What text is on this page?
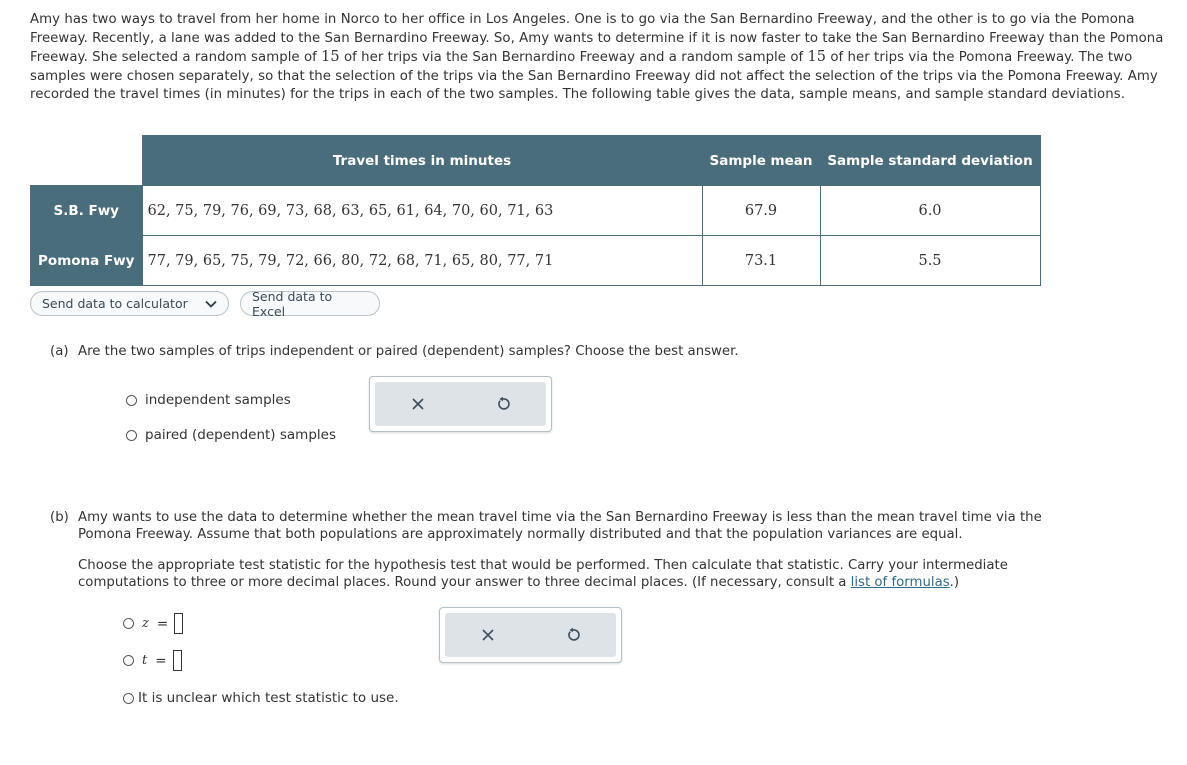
Amy has two ways to travel from her home in Norco to her office in Los Angeles. One is to go via the San Bernardino Freeway, and the other is to go via the Pomona Freeway. Recently, a lane was added to the San Bernardino Freeway. So, Amy wants to determine if it is now faster to take the San Bernardino Freeway than the Pomona Freeway. She selected a random sample of 15 of her trips via the San Bernardino Freeway and a random sample of 15 of her trips via the Pomona Freeway. The two samples were chosen separately, so that the selection of the trips via the San Bernardino Freeway did not affect the selection of the trips via the Pomona Freeway. Amy recorded the travel times (in minutes) for the trips in each of the two samples. The following table gives the data, sample means, and sample standard deviations.
	Travel times in minutes	Sample mean	Sample standard deviation
S.B. Fwy	62, 75, 79, 76, 69, 73, 68, 63, 65, 61, 64, 70, 60, 71, 63	67.9	6.0
Pomona Fwy	77, 79, 65, 75, 79, 72, 66, 80, 72, 68, 71, 65, 80, 77, 71	73.1	5.5
Send data to calculator	Send data to Excel
(a) Are the two samples of trips independent or paired (dependent) samples? Choose the best answer.
independent samples
paired (dependent) samples
(b) Amy wants to use the data to determine whether the mean travel time via the San Bernardino Freeway is less than the mean travel time via the
Pomona Freeway. Assume that both populations are approximately normally distributed and that the population variances are equal.
Choose the appropriate test statistic for the hypothesis test that would be performed. Then calculate that statistic. Carry your intermediate
computations to three or more decimal places. Round your answer to three decimal places. (If necessary, consult a list of formulas.)
z =
t =
It is unclear which test statistic to use.
